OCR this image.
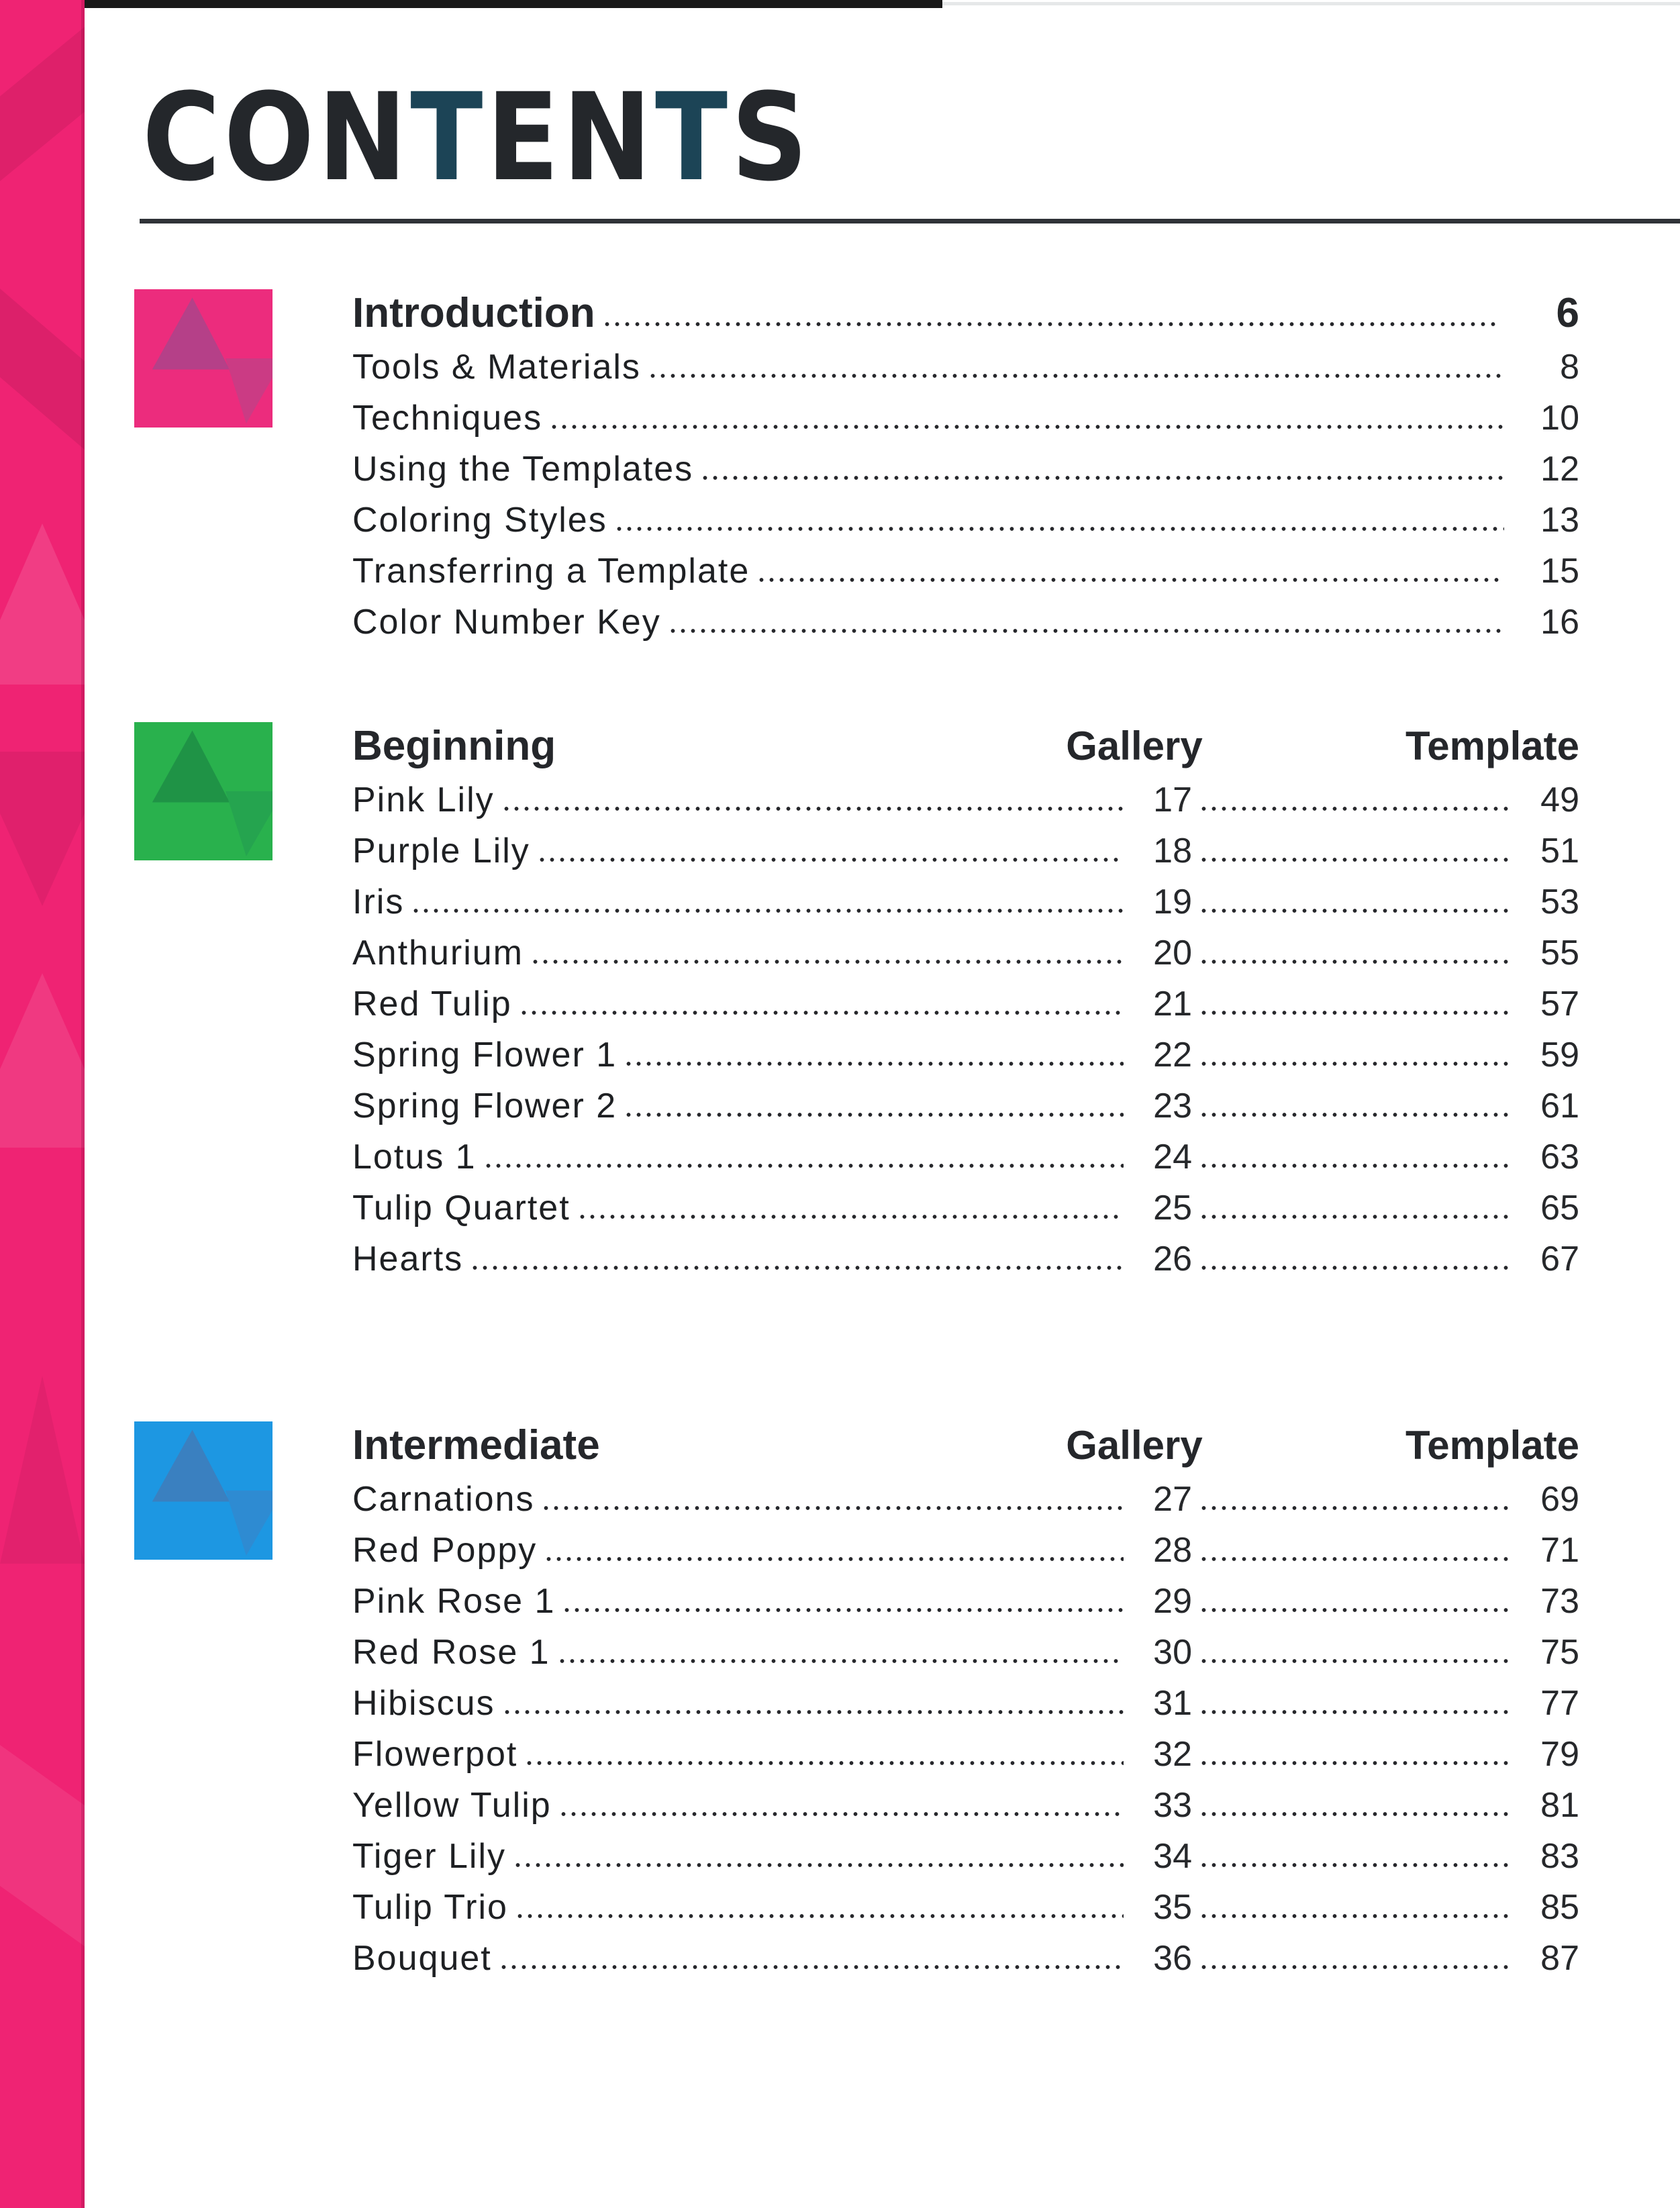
CONTENTS
Introduction	6
Tools & Materials	8
Techniques	10
Using the Templates	12
Coloring Styles	13
Transferring a Template	15
Color Number Key	16
Beginning	Gallery	Template
Pink Lily	17	49
Purple Lily	18	51
Iris	19	53
Anthurium	20	55
Red Tulip	21	57
Spring Flower 1	22	59
Spring Flower 2	23	61
Lotus 1	24	63
Tulip Quartet	25	65
Hearts	26	67
Intermediate	Gallery	Template
Carnations	27	69
Red Poppy	28	71
Pink Rose 1	29	73
Red Rose 1	30	75
Hibiscus	31	77
Flowerpot	32	79
Yellow Tulip	33	81
Tiger Lily	34	83
Tulip Trio	35	85
Bouquet	36	87
